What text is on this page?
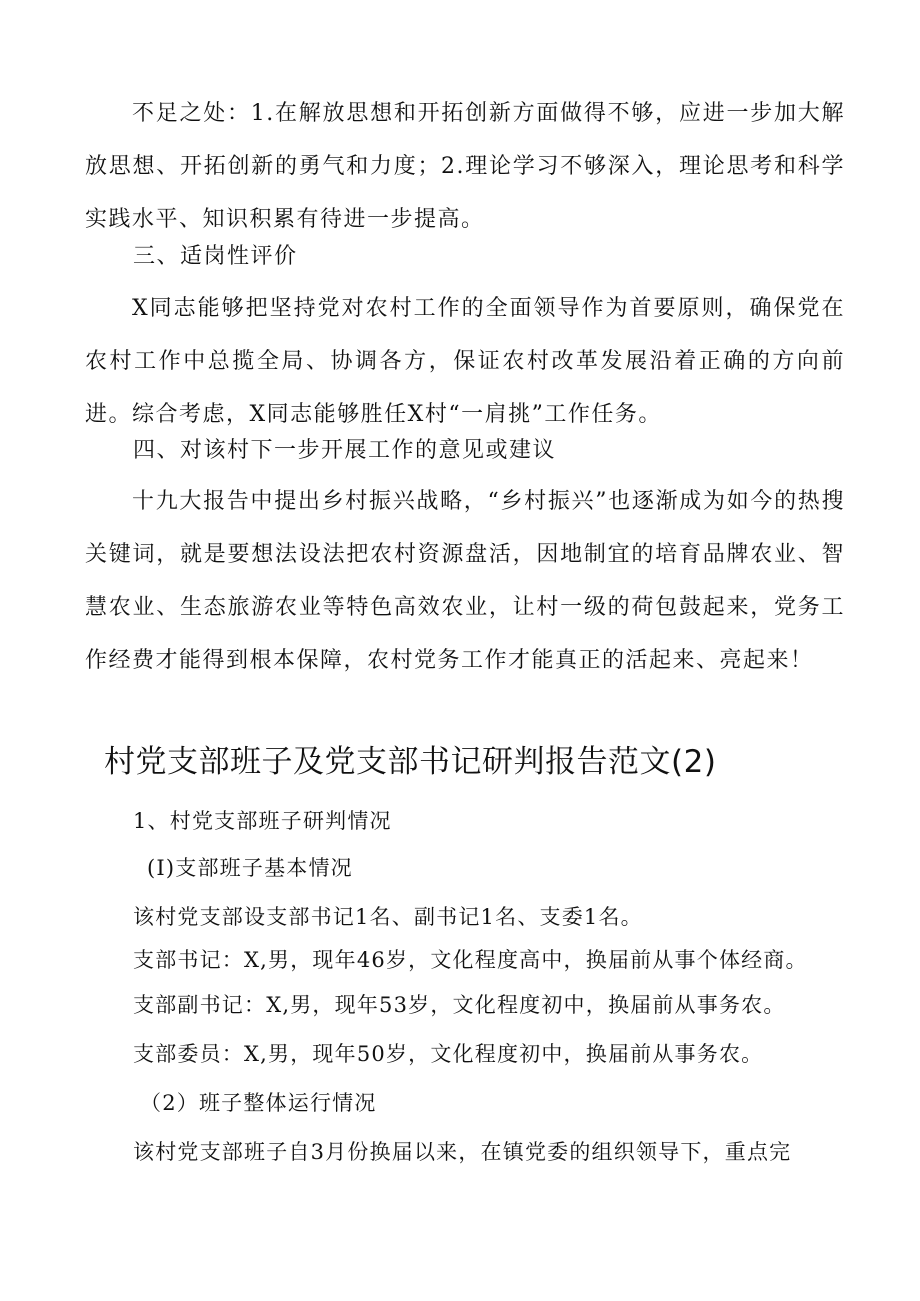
不足之处：1.在解放思想和开拓创新方面做得不够，应进一步加大解放思想、开拓创新的勇气和力度；2.理论学习不够深入，理论思考和科学实践水平、知识积累有待进一步提高。

三、适岗性评价

X同志能够把坚持党对农村工作的全面领导作为首要原则，确保党在农村工作中总揽全局、协调各方，保证农村改革发展沿着正确的方向前进。综合考虑，X同志能够胜任X村“一肩挑”工作任务。

四、对该村下一步开展工作的意见或建议

十九大报告中提出乡村振兴战略，“乡村振兴”也逐渐成为如今的热搜关键词，就是要想法设法把农村资源盘活，因地制宜的培育品牌农业、智慧农业、生态旅游农业等特色高效农业，让村一级的荷包鼓起来，党务工作经费才能得到根本保障，农村党务工作才能真正的活起来、亮起来！

村党支部班子及党支部书记研判报告范文(2)
1、村党支部班子研判情况
(I)支部班子基本情况
该村党支部设支部书记1名、副书记1名、支委1名。
支部书记：X,男，现年46岁，文化程度高中，换届前从事个体经商。
支部副书记：X,男，现年53岁，文化程度初中，换届前从事务农。
支部委员：X,男，现年50岁，文化程度初中，换届前从事务农。
（2）班子整体运行情况
该村党支部班子自3月份换届以来，在镇党委的组织领导下，重点完
